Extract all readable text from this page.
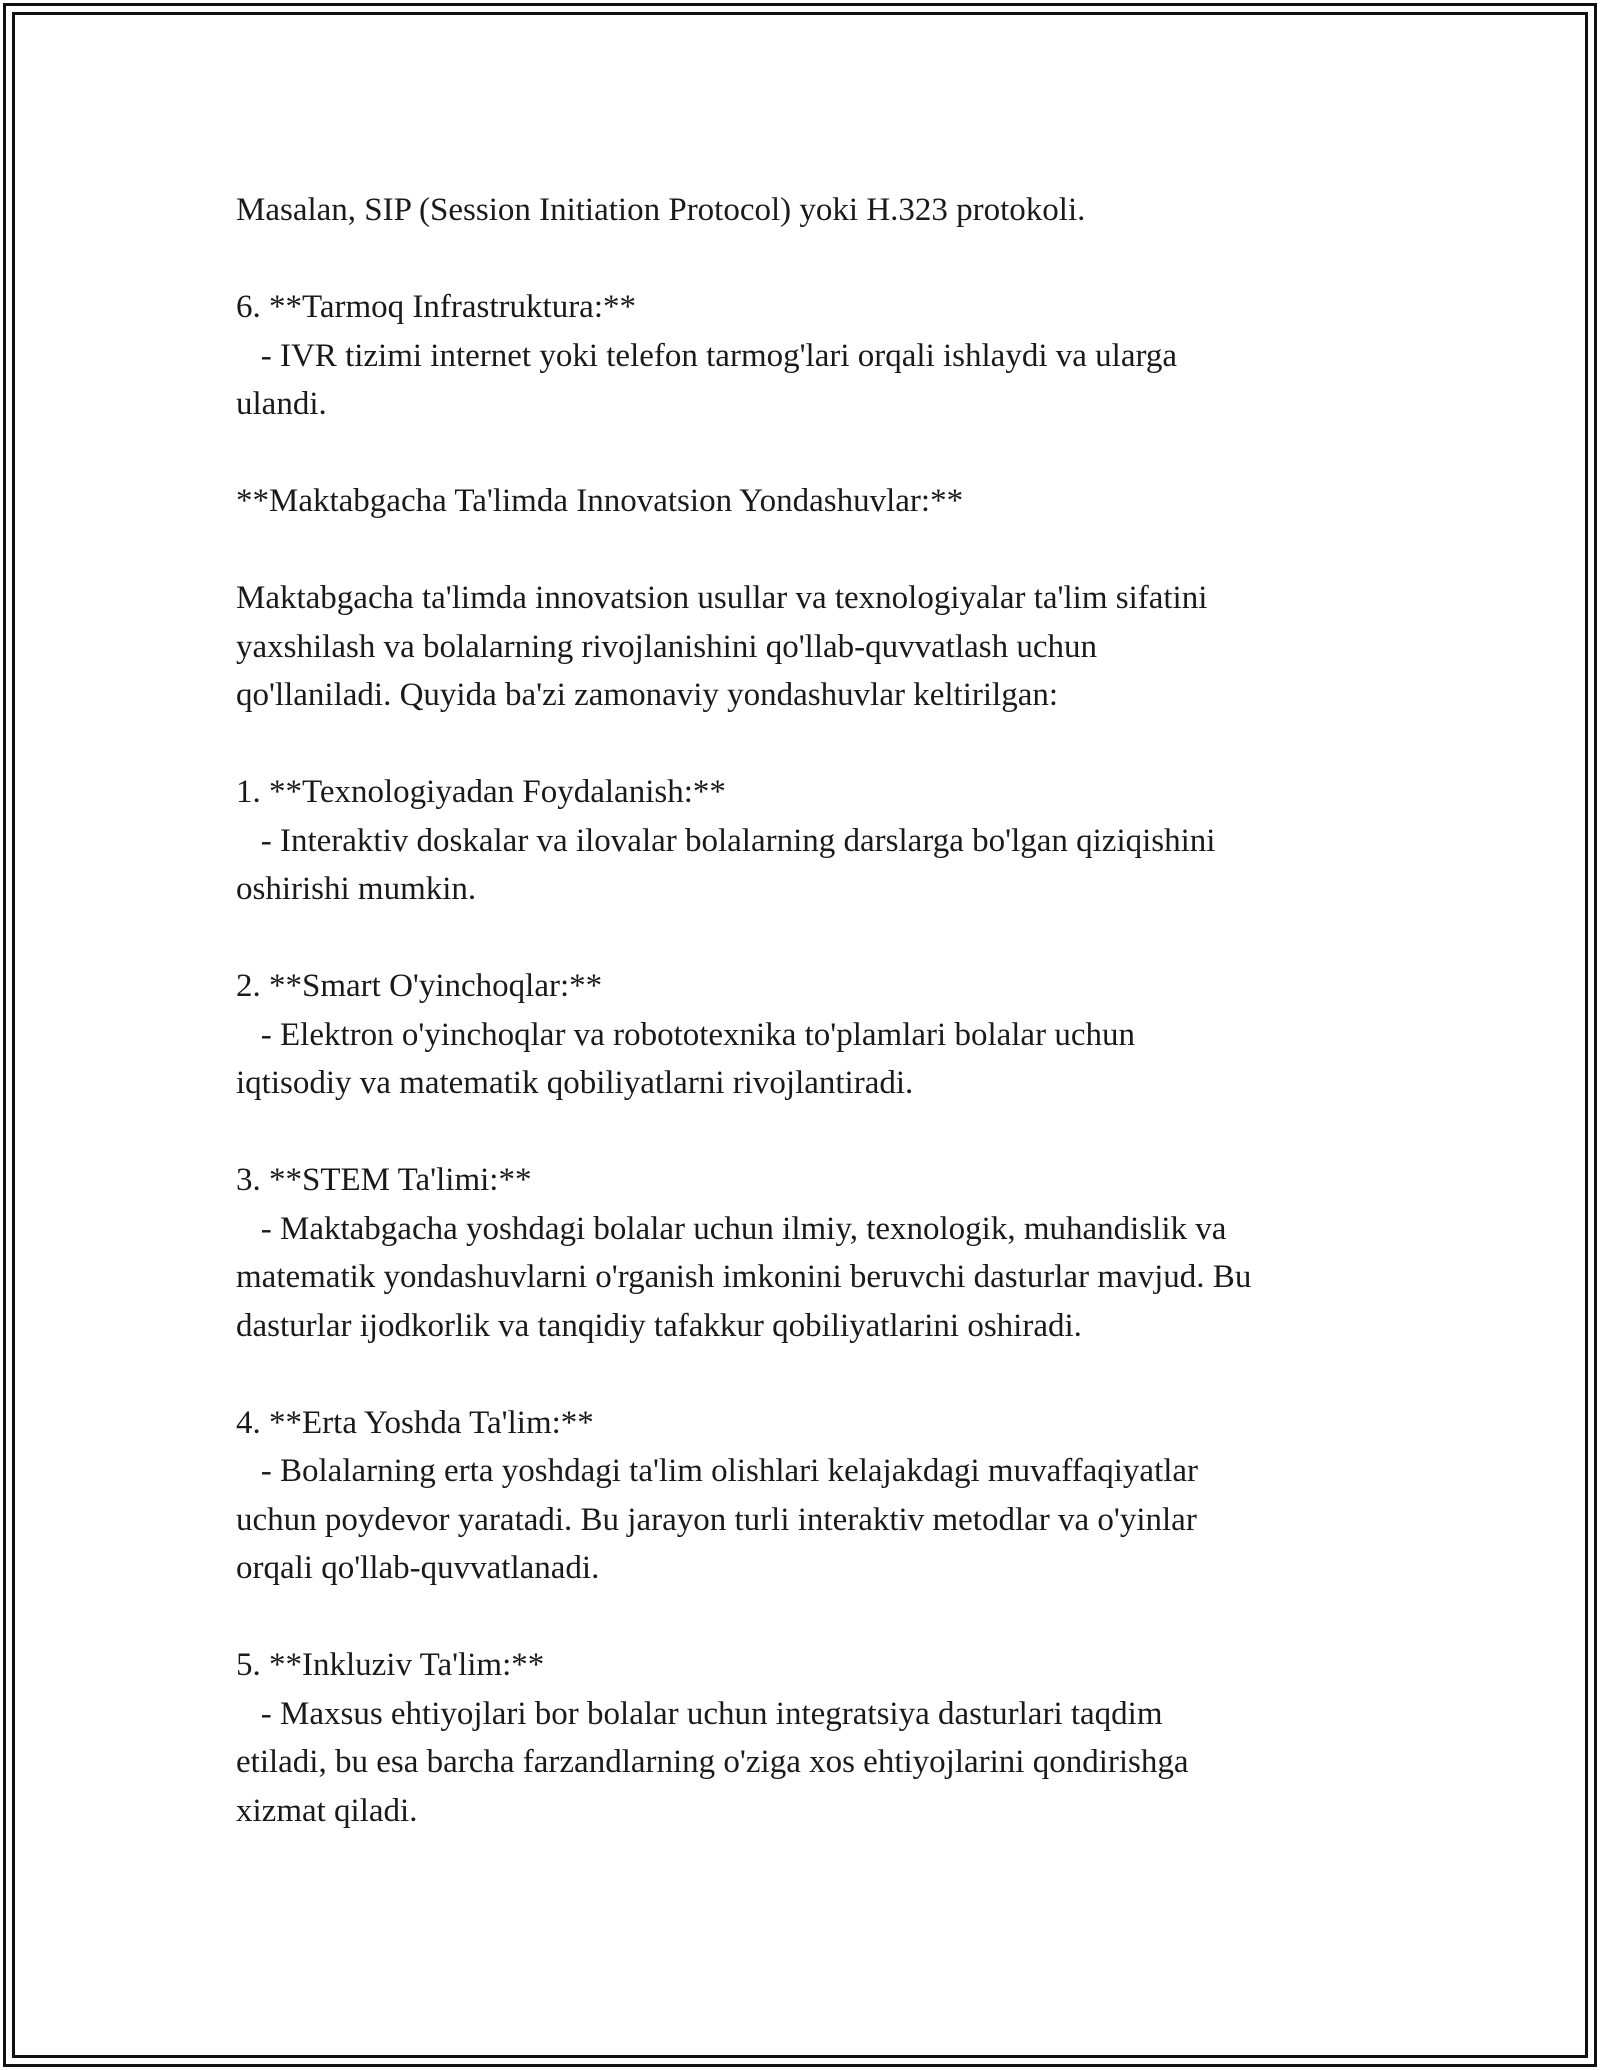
Masalan, SIP (Session Initiation Protocol) yoki H.323 protokoli.
6. **Tarmoq Infrastruktura:**
- IVR tizimi internet yoki telefon tarmog'lari orqali ishlaydi va ularga
ulandi.
**Maktabgacha Ta'limda Innovatsion Yondashuvlar:**
Maktabgacha ta'limda innovatsion usullar va texnologiyalar ta'lim sifatini
yaxshilash va bolalarning rivojlanishini qo'llab-quvvatlash uchun
qo'llaniladi. Quyida ba'zi zamonaviy yondashuvlar keltirilgan:
1. **Texnologiyadan Foydalanish:**
- Interaktiv doskalar va ilovalar bolalarning darslarga bo'lgan qiziqishini
oshirishi mumkin.
2. **Smart O'yinchoqlar:**
- Elektron o'yinchoqlar va robototexnika to'plamlari bolalar uchun
iqtisodiy va matematik qobiliyatlarni rivojlantiradi.
3. **STEM Ta'limi:**
- Maktabgacha yoshdagi bolalar uchun ilmiy, texnologik, muhandislik va
matematik yondashuvlarni o'rganish imkonini beruvchi dasturlar mavjud. Bu
dasturlar ijodkorlik va tanqidiy tafakkur qobiliyatlarini oshiradi.
4. **Erta Yoshda Ta'lim:**
- Bolalarning erta yoshdagi ta'lim olishlari kelajakdagi muvaffaqiyatlar
uchun poydevor yaratadi. Bu jarayon turli interaktiv metodlar va o'yinlar
orqali qo'llab-quvvatlanadi.
5. **Inkluziv Ta'lim:**
- Maxsus ehtiyojlari bor bolalar uchun integratsiya dasturlari taqdim
etiladi, bu esa barcha farzandlarning o'ziga xos ehtiyojlarini qondirishga
xizmat qiladi.
